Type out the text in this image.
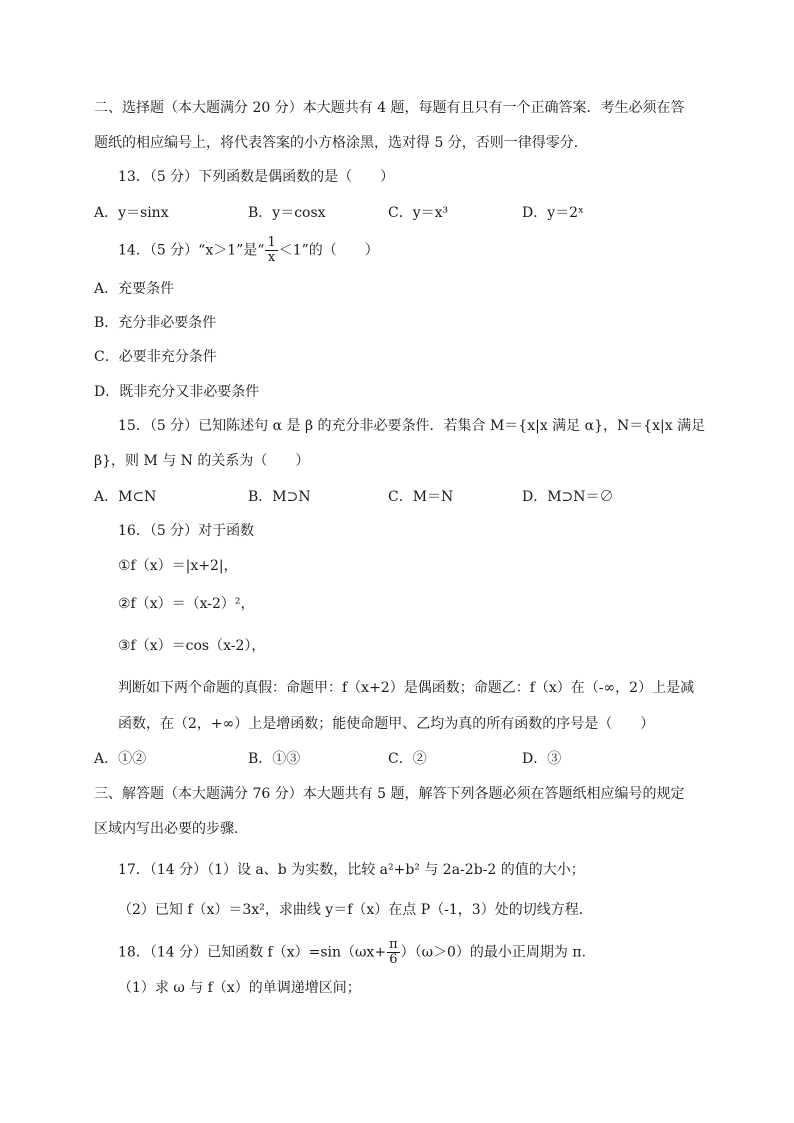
二、选择题（本大题满分 20 分）本大题共有 4 题，每题有且只有一个正确答案．考生必须在答
题纸的相应编号上，将代表答案的小方格涂黑，选对得 5 分，否则一律得零分．
13．（5 分）下列函数是偶函数的是（　　）
A．y＝sinx	B．y＝cosx	C．y＝x³	D．y＝2ˣ
14．（5 分）“x＞1”是“ $\frac{1}{x} <1$”的（　　）
A．充要条件
B．充分非必要条件
C．必要非充分条件
D．既非充分又非必要条件
15．（5 分）已知陈述句 α 是 β 的充分非必要条件．若集合 M＝{x|x 满足 α}，N＝{x|x 满足
β}，则 M 与 N 的关系为（　　）
A．M⊂N	B．M⊃N	C．M＝N	D．M⊃N＝∅
16．（5 分）对于函数
①f（x）＝|x+2|，
②f（x）＝（x-2）²，
③f（x）＝cos（x-2），
判断如下两个命题的真假：命题甲：f（x+2）是偶函数；命题乙：f（x）在（-∞，2）上是减
函数，在（2，+∞）上是增函数；能使命题甲、乙均为真的所有函数的序号是（　　）
A．①②	B．①③	C．②	D．③
三、解答题（本大题满分 76 分）本大题共有 5 题，解答下列各题必须在答题纸相应编号的规定
区域内写出必要的步骤．
17．（14 分）（1）设 a、b 为实数，比较 a²+b² 与 2a-2b-2 的值的大小；
（2）已知 f（x）＝3x²，求曲线 y＝f（x）在点 P（-1，3）处的切线方程．
18．（14 分）已知函数 $f(x)=\sin(\omega x+ \frac{\pi}{6} )(\omega>0)$的最小正周期为 π．
（1）求 ω 与 f（x）的单调递增区间；
